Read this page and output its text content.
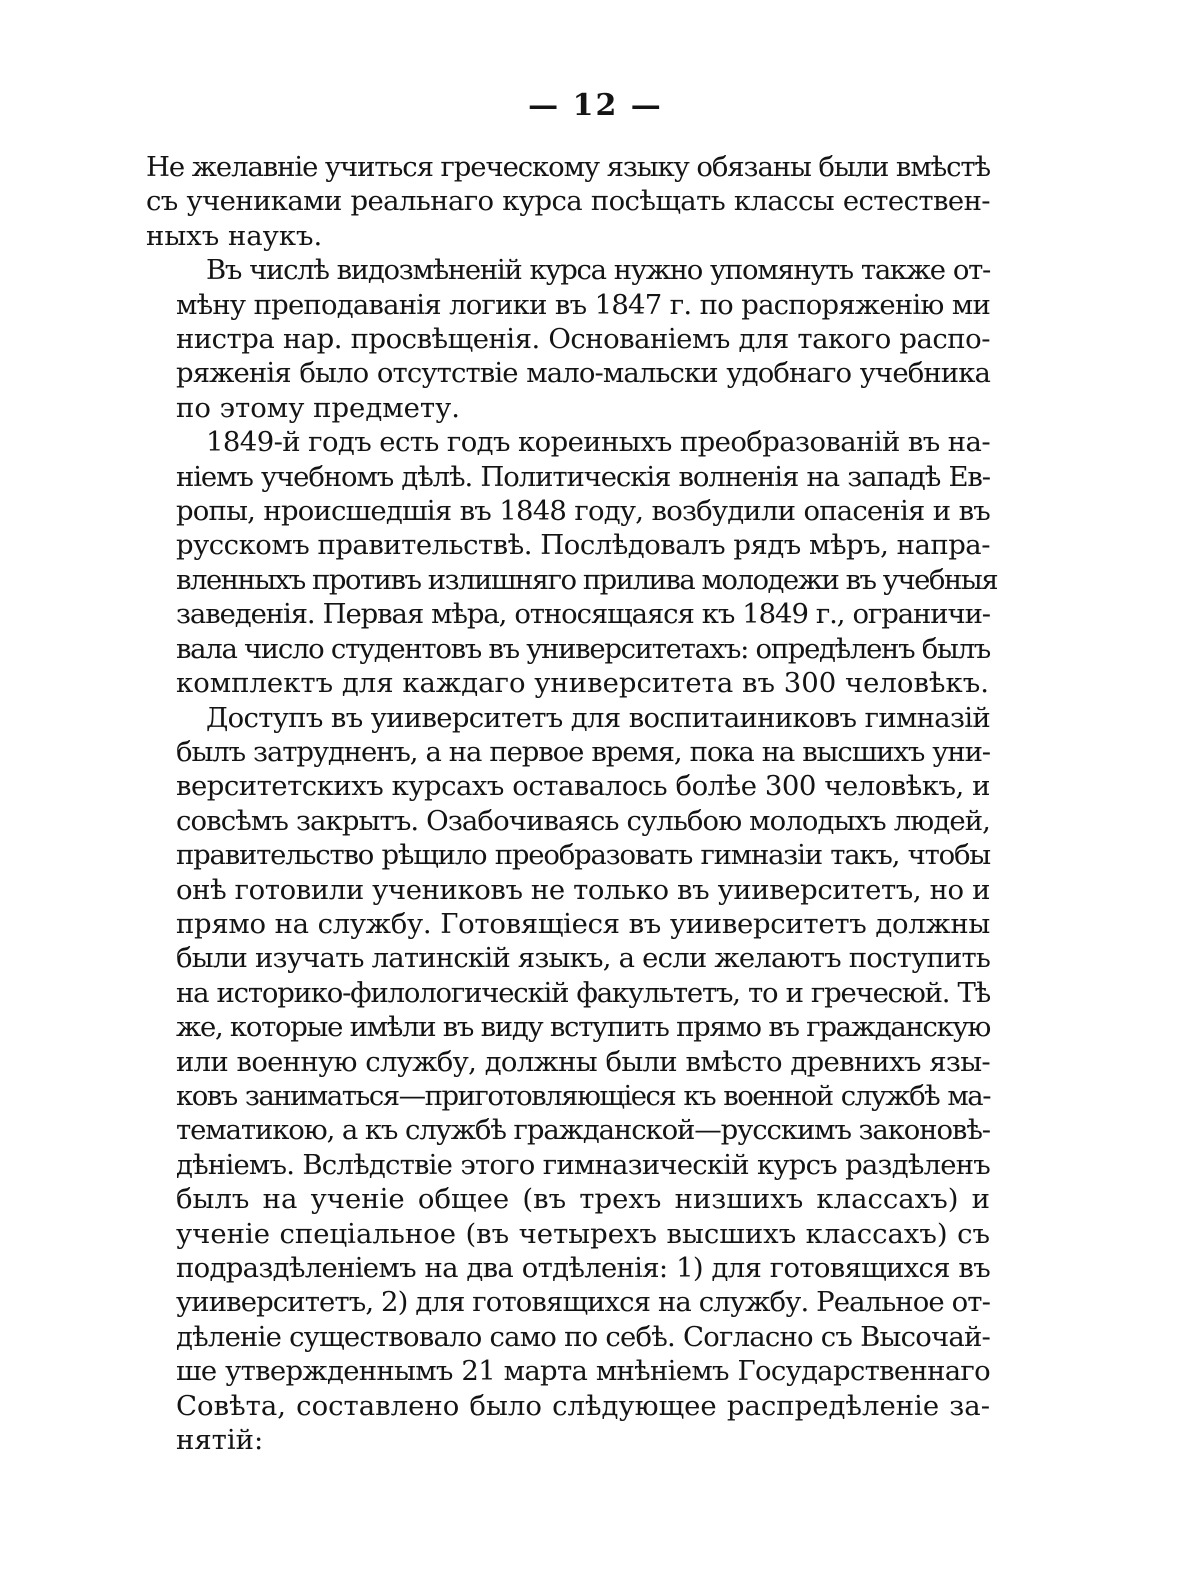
— 12 —

Не желавніе учиться греческому языку обязаны были вмѣстѣ
съ учениками реальнаго курса посѣщать классы естествен-
ныхъ наукъ.

Въ числѣ видозмѣненій курса нужно упомянуть также от-
мѣну преподаванія логики въ 1847 г. по распоряженію ми
нистра нар. просвѣщенія. Основаніемъ для такого распо-
ряженія было отсутствіе мало-мальски удобнаго учебника
по этому предмету.

1849-й годъ есть годъ кореиныхъ преобразованій въ на-
ніемъ учебномъ дѣлѣ. Политическія волненія на западѣ Ев-
ропы, нроисшедшія въ 1848 году, возбудили опасенія и въ
русскомъ правительствѣ. Послѣдовалъ рядъ мѣръ, напра-
вленныхъ противъ излишняго прилива молодежи въ учебныя
заведенія. Первая мѣра, относящаяся къ 1849 г., ограничи-
вала число студентовъ въ университетахъ: опредѣленъ былъ
комплектъ для каждаго университета въ 300 человѣкъ.

Доступъ въ уииверситетъ для воспитаиниковъ гимназій
былъ затрудненъ, а на первое время, пока на высшихъ уни-
верситетскихъ курсахъ оставалось болѣе 300 человѣкъ, и
совсѣмъ закрытъ. Озабочиваясь сульбою молодыхъ людей,
правительство рѣщило преобразовать гимназіи такъ, чтобы
онѣ готовили учениковъ не только въ уииверситетъ, но и
прямо на службу. Готовящіеся въ уииверситетъ должны
были изучать латинскій языкъ, а если желаютъ поступить
на историко-филологическій факультетъ, то и гречесюй. Тѣ
же, которые имѣли въ виду вступить прямо въ гражданскую
или военную службу, должны были вмѣсто древнихъ язы-
ковъ заниматься—приготовляющіеся къ военной службѣ ма-
тематикою, а къ службѣ гражданской—русскимъ законовѣ-
дѣніемъ. Вслѣдствіе этого гимназическій курсъ раздѣленъ
былъ на ученіе общее (въ трехъ низшихъ классахъ) и
ученіе спеціальное (въ четырехъ высшихъ классахъ) съ
подраздѣленіемъ на два отдѣленія: 1) для готовящихся въ
уииверситетъ, 2) для готовящихся на службу. Реальное от-
дѣленіе существовало само по себѣ. Согласно съ Высочай-
ше утвержденнымъ 21 марта мнѣніемъ Государственнаго
Совѣта, составлено было слѣдующее распредѣленіе за-
нятій:
